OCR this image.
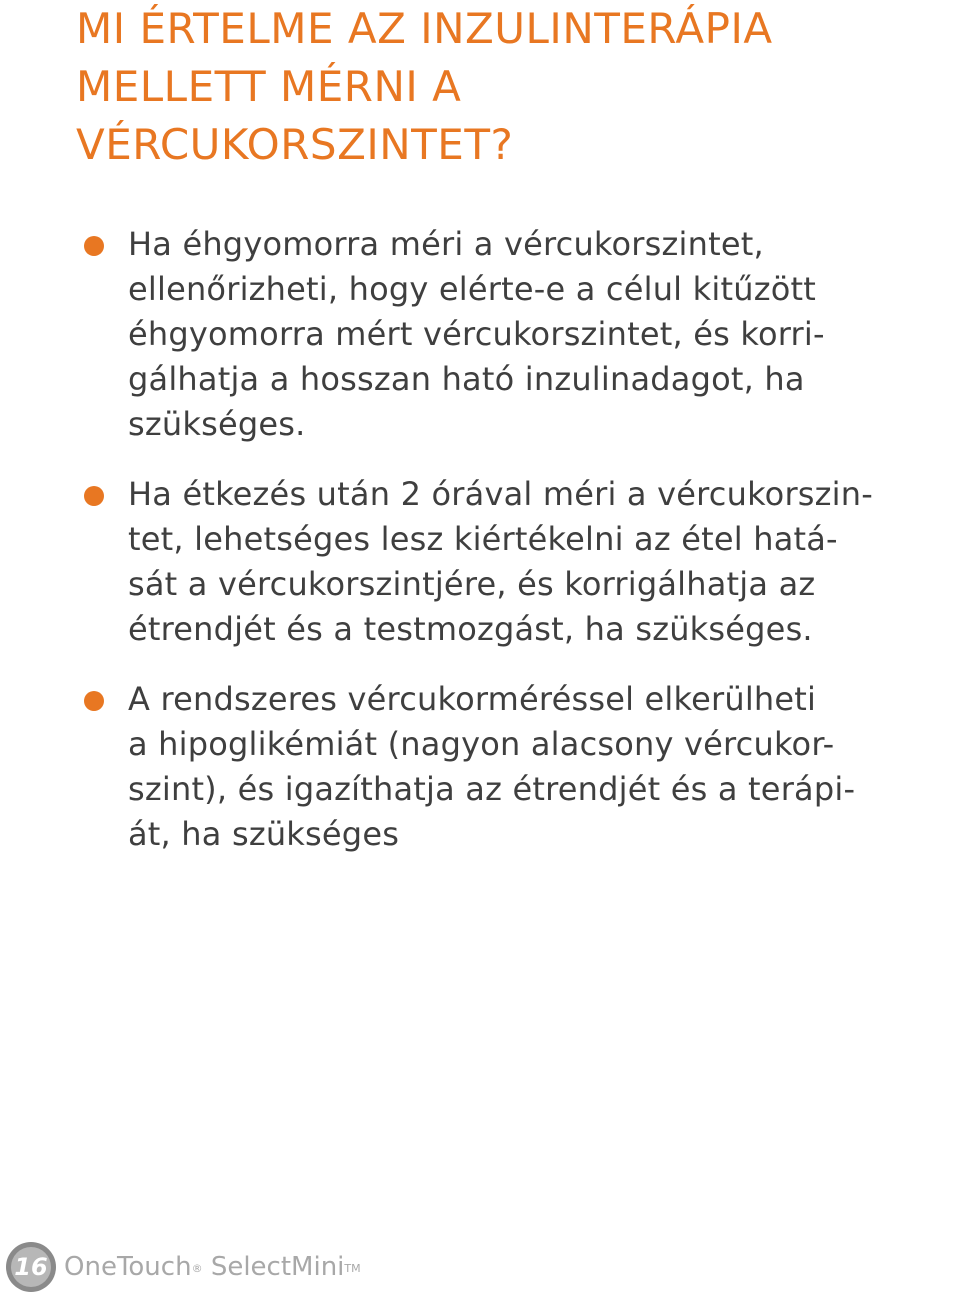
MI ÉRTELME AZ INZULINTERÁPIA
MELLETT MÉRNI A
VÉRCUKORSZINTET?
Ha éhgyomorra méri a vércukorszintet,
ellenőrizheti, hogy elérte-e a célul kitűzött
éhgyomorra mért vércukorszintet, és korri-
gálhatja a hosszan ható inzulinadagot, ha
szükséges.
Ha étkezés után 2 órával méri a vércukorszin-
tet, lehetséges lesz kiértékelni az étel hatá-
sát a vércukorszintjére, és korrigálhatja az
étrendjét és a testmozgást, ha szükséges.
A rendszeres vércukorméréssel elkerülheti
a hipoglikémiát (nagyon alacsony vércukor-
szint), és igazíthatja az étrendjét és a terápi-
át, ha szükséges
16 OneTouch® SelectMini™
